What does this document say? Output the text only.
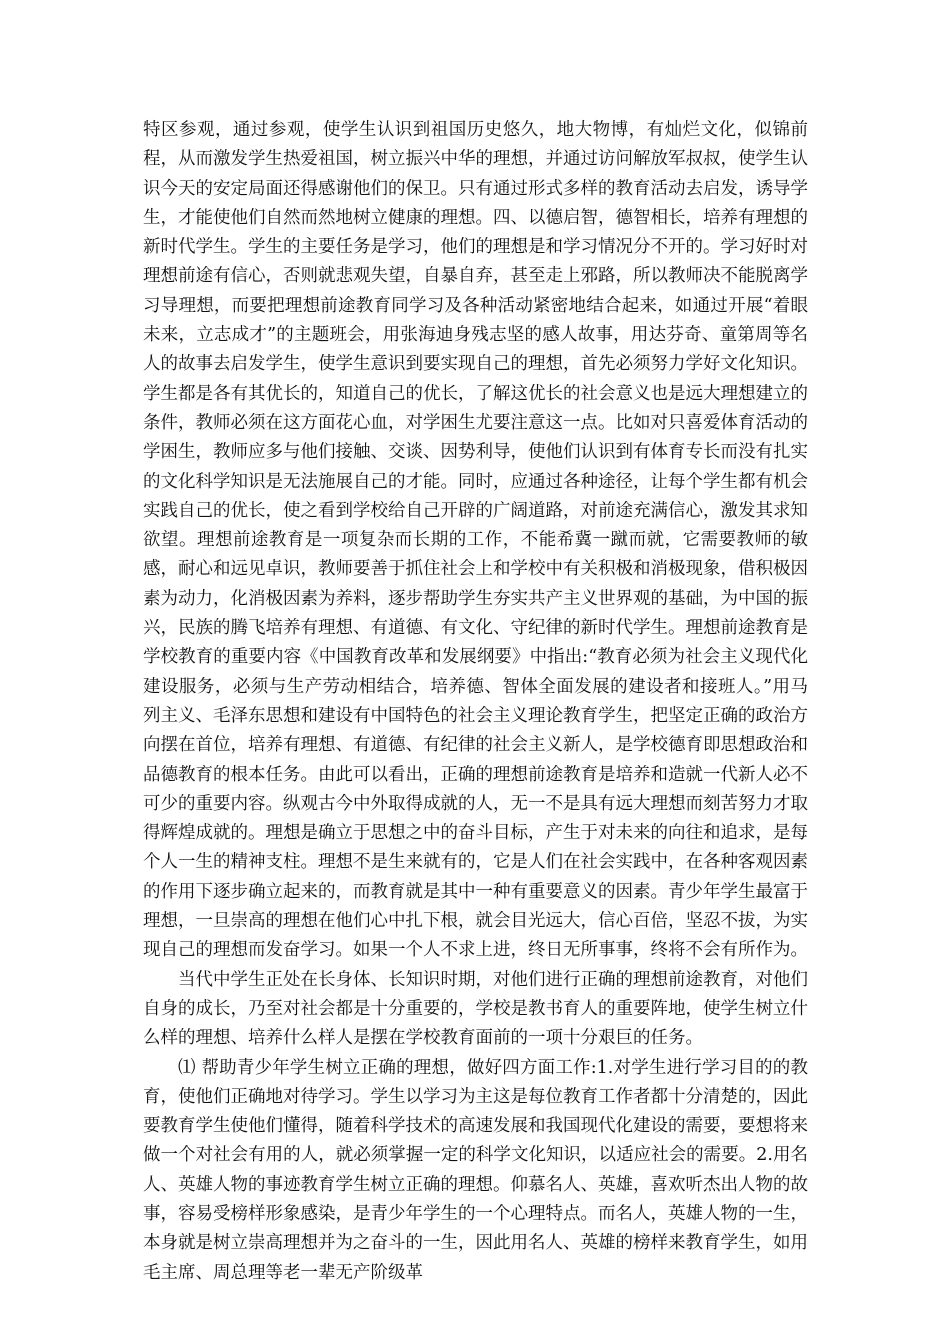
特区参观，通过参观，使学生认识到祖国历史悠久，地大物博，有灿烂文化，似锦前程，从而激发学生热爱祖国，树立振兴中华的理想，并通过访问解放军叔叔，使学生认识今天的安定局面还得感谢他们的保卫。只有通过形式多样的教育活动去启发，诱导学生，才能使他们自然而然地树立健康的理想。四、以德启智，德智相长，培养有理想的新时代学生。学生的主要任务是学习，他们的理想是和学习情况分不开的。学习好时对理想前途有信心，否则就悲观失望，自暴自弃，甚至走上邪路，所以教师决不能脱离学习导理想，而要把理想前途教育同学习及各种活动紧密地结合起来，如通过开展“着眼未来，立志成才”的主题班会，用张海迪身残志坚的感人故事，用达芬奇、童第周等名人的故事去启发学生，使学生意识到要实现自己的理想，首先必须努力学好文化知识。学生都是各有其优长的，知道自己的优长，了解这优长的社会意义也是远大理想建立的条件，教师必须在这方面花心血，对学困生尤要注意这一点。比如对只喜爱体育活动的学困生，教师应多与他们接触、交谈、因势利导，使他们认识到有体育专长而没有扎实的文化科学知识是无法施展自己的才能。同时，应通过各种途径，让每个学生都有机会实践自己的优长，使之看到学校给自己开辟的广阔道路，对前途充满信心，激发其求知欲望。理想前途教育是一项复杂而长期的工作，不能希冀一蹴而就，它需要教师的敏感，耐心和远见卓识，教师要善于抓住社会上和学校中有关积极和消极现象，借积极因素为动力，化消极因素为养料，逐步帮助学生夯实共产主义世界观的基础，为中国的振兴，民族的腾飞培养有理想、有道德、有文化、守纪律的新时代学生。理想前途教育是学校教育的重要内容《中国教育改革和发展纲要》中指出:“教育必须为社会主义现代化建设服务，必须与生产劳动相结合，培养德、智体全面发展的建设者和接班人。”用马列主义、毛泽东思想和建设有中国特色的社会主义理论教育学生，把坚定正确的政治方向摆在首位，培养有理想、有道德、有纪律的社会主义新人，是学校德育即思想政治和品德教育的根本任务。由此可以看出，正确的理想前途教育是培养和造就一代新人必不可少的重要内容。纵观古今中外取得成就的人，无一不是具有远大理想而刻苦努力才取得辉煌成就的。理想是确立于思想之中的奋斗目标，产生于对未来的向往和追求，是每个人一生的精神支柱。理想不是生来就有的，它是人们在社会实践中，在各种客观因素的作用下逐步确立起来的，而教育就是其中一种有重要意义的因素。青少年学生最富于理想，一旦崇高的理想在他们心中扎下根，就会目光远大，信心百倍，坚忍不拔，为实现自己的理想而发奋学习。如果一个人不求上进，终日无所事事，终将不会有所作为。

当代中学生正处在长身体、长知识时期，对他们进行正确的理想前途教育，对他们自身的成长，乃至对社会都是十分重要的，学校是教书育人的重要阵地，使学生树立什么样的理想、培养什么样人是摆在学校教育面前的一项十分艰巨的任务。

⑴ 帮助青少年学生树立正确的理想，做好四方面工作:1.对学生进行学习目的的教育，使他们正确地对待学习。学生以学习为主这是每位教育工作者都十分清楚的，因此要教育学生使他们懂得，随着科学技术的高速发展和我国现代化建设的需要，要想将来做一个对社会有用的人，就必须掌握一定的科学文化知识，以适应社会的需要。2.用名人、英雄人物的事迹教育学生树立正确的理想。仰慕名人、英雄，喜欢听杰出人物的故事，容易受榜样形象感染，是青少年学生的一个心理特点。而名人，英雄人物的一生，本身就是树立崇高理想并为之奋斗的一生，因此用名人、英雄的榜样来教育学生，如用毛主席、周总理等老一辈无产阶级革
